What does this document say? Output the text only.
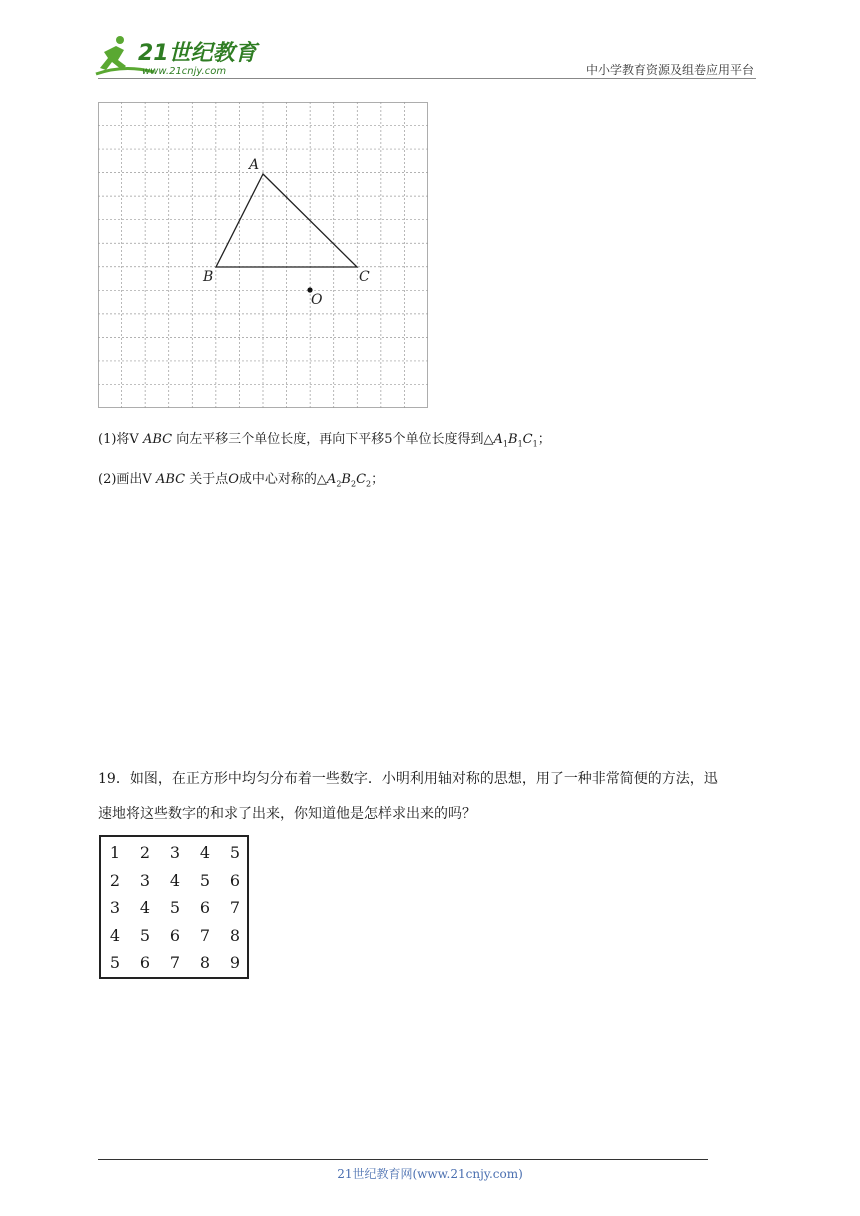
21世纪教育
www.21cnjy.com	中小学教育资源及组卷应用平台
A
B	C
O
(1)将V ABC 向左平移三个单位长度，再向下平移5个单位长度得到$\triangle A_1B_1C_1$；
(2)画出V ABC 关于点O成中心对称的$\triangle A_2B_2C_2$；
19．如图，在正方形中均匀分布着一些数字．小明利用轴对称的思想，用了一种非常简便的方法，迅
速地将这些数字的和求了出来，你知道他是怎样求出来的吗？
1	2	3	4	5
2	3	4	5	6
3	4	5	6	7
4	5	6	7	8
5	6	7	8	9
21世纪教育网(www.21cnjy.com)
